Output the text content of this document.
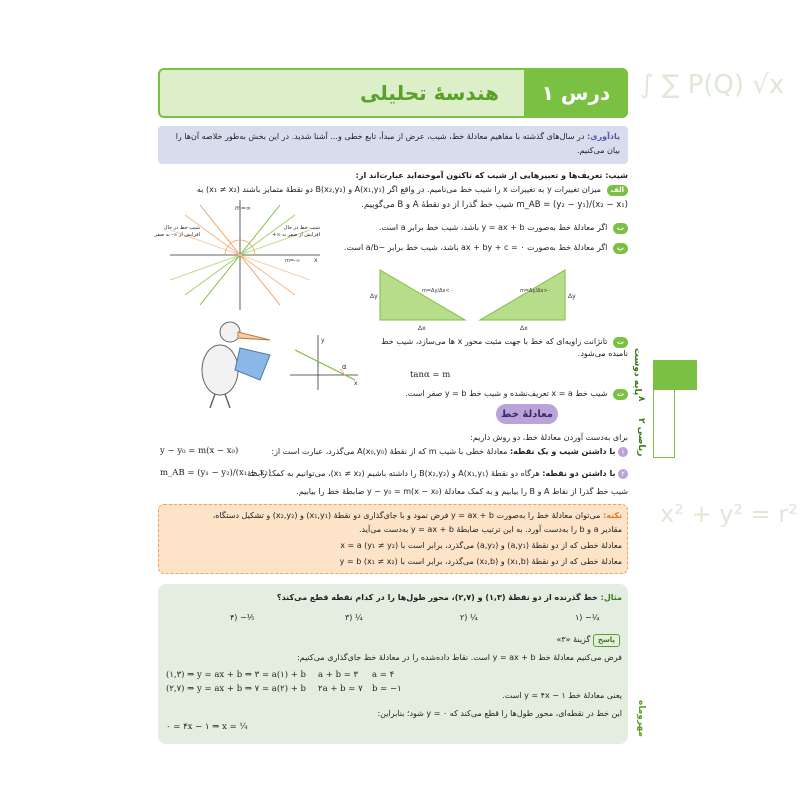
∫ ∑ P(Q) √x
x² + y² = r²
درس ۱
هندسهٔ تحلیلی
یادآوری: در سال‌های گذشته با مفاهیم معادلهٔ خط، شیب، عرض از مبدأ، تابع خطی و... آشنا شدید. در این بخش به‌طور خلاصه آن‌ها را بیان می‌کنیم.
شیب: تعریف‌ها و تعبیرهایی از شیب که تاکنون آموخته‌اید عبارت‌اند از:
الف میزان تغییرات y به تغییرات x را شیب خط می‌نامیم. در واقع اگر (A(x₁,y₁ و (B(x₂,y₂ دو نقطهٔ متمایز باشند (x₁ ≠ x₂) به
m_AB = (y₂ − y₁)/(x₂ − x₁) شیب خط گذرا از دو نقطهٔ A و B می‌گوییم.
ب اگر معادلهٔ خط به‌صورت y = ax + b باشد، شیب خط برابر a است.
پ اگر معادلهٔ خط به‌صورت ax + by + c = ۰ باشد، شیب خط برابر −a/b است.
m=∞
x
m=-∞
شیب خط در حال افزایش از ∞- به صفر
شیب خط در حال افزایش از صفر به ∞+
m=Δy/Δx<۰	m=Δy/Δx>۰
Δx
Δy
Δx
Δy
α
x
y	ت تانژانت زاویه‌ای که خط با جهت مثبت محور x ها می‌سازد، شیب خط نامیده می‌شود.
tanα = m
ث شیب خط x = a تعریف‌نشده و شیب خط y = b صفر است.
معادلهٔ خط
برای به‌دست آوردن معادلهٔ خط، دو روش داریم:
۱ با داشتن شیب و یک نقطه: معادلهٔ خطی با شیب m که از نقطهٔ (A(x₀,y₀ می‌گذرد، عبارت است از:
y − y₀ = m(x − x₀)
۲ با داشتن دو نقطه: هرگاه دو نقطهٔ (A(x₁,y₁ و (B(x₂,y₂ را داشته باشیم (x₁ ≠ x₂)، می‌توانیم به کمک رابطهٔ
m_AB = (y₁ − y₂)/(x₁ − x₂)
شیب خط گذرا از نقاط A و B را بیابیم و به کمک معادلهٔ y − y₀ = m(x − x₀) ضابطهٔ خط را بیابیم.
نکته: می‌توان معادلهٔ خط را به‌صورت y = ax + b فرض نمود و با جای‌گذاری دو نقطهٔ (x₁,y₁) و (x₂,y₂) و تشکیل دستگاه،
مقادیر a و b را به‌دست آورد. به این ترتیب ضابطهٔ y = ax + b به‌دست می‌آید.
معادلهٔ خطی که از دو نقطهٔ (a,y₁) و (a,y₂) می‌گذرد، برابر است با x = a (y₁ ≠ y₂)
معادلهٔ خطی که از دو نقطهٔ (x₁,b) و (x₂,b) می‌گذرد، برابر است با y = b (x₁ ≠ x₂)
مثال: خط گذرنده از دو نقطهٔ (۱,۳) و (۲,۷)، محور طول‌ها را در کدام نقطه قطع می‌کند؟
۴) −⅕	۳) ¼	۲) ¼	۱) −¼
پاسخ گزینهٔ «۳»
فرض می‌کنیم معادلهٔ خط y = ax + b است. نقاط داده‌شده را در معادلهٔ خط جای‌گذاری می‌کنیم:
(۱,۳) ⇒ y = ax + b ⇒ ۳ = a(۱) + b
(۲,۷) ⇒ y = ax + b ⇒ ۷ = a(۲) + b
a + b = ۳
۲a + b = ۷
a = ۴
b = −۱
یعنی معادلهٔ خط y = ۴x − ۱ است.
این خط در نقطه‌ای، محور طول‌ها را قطع می‌کند که y = ۰ شود؛ بنابراین:
۰ = ۴x − ۱ ⇒ x = ¼
پایه دوست
۸
ریاضی ۲
مهروماه
